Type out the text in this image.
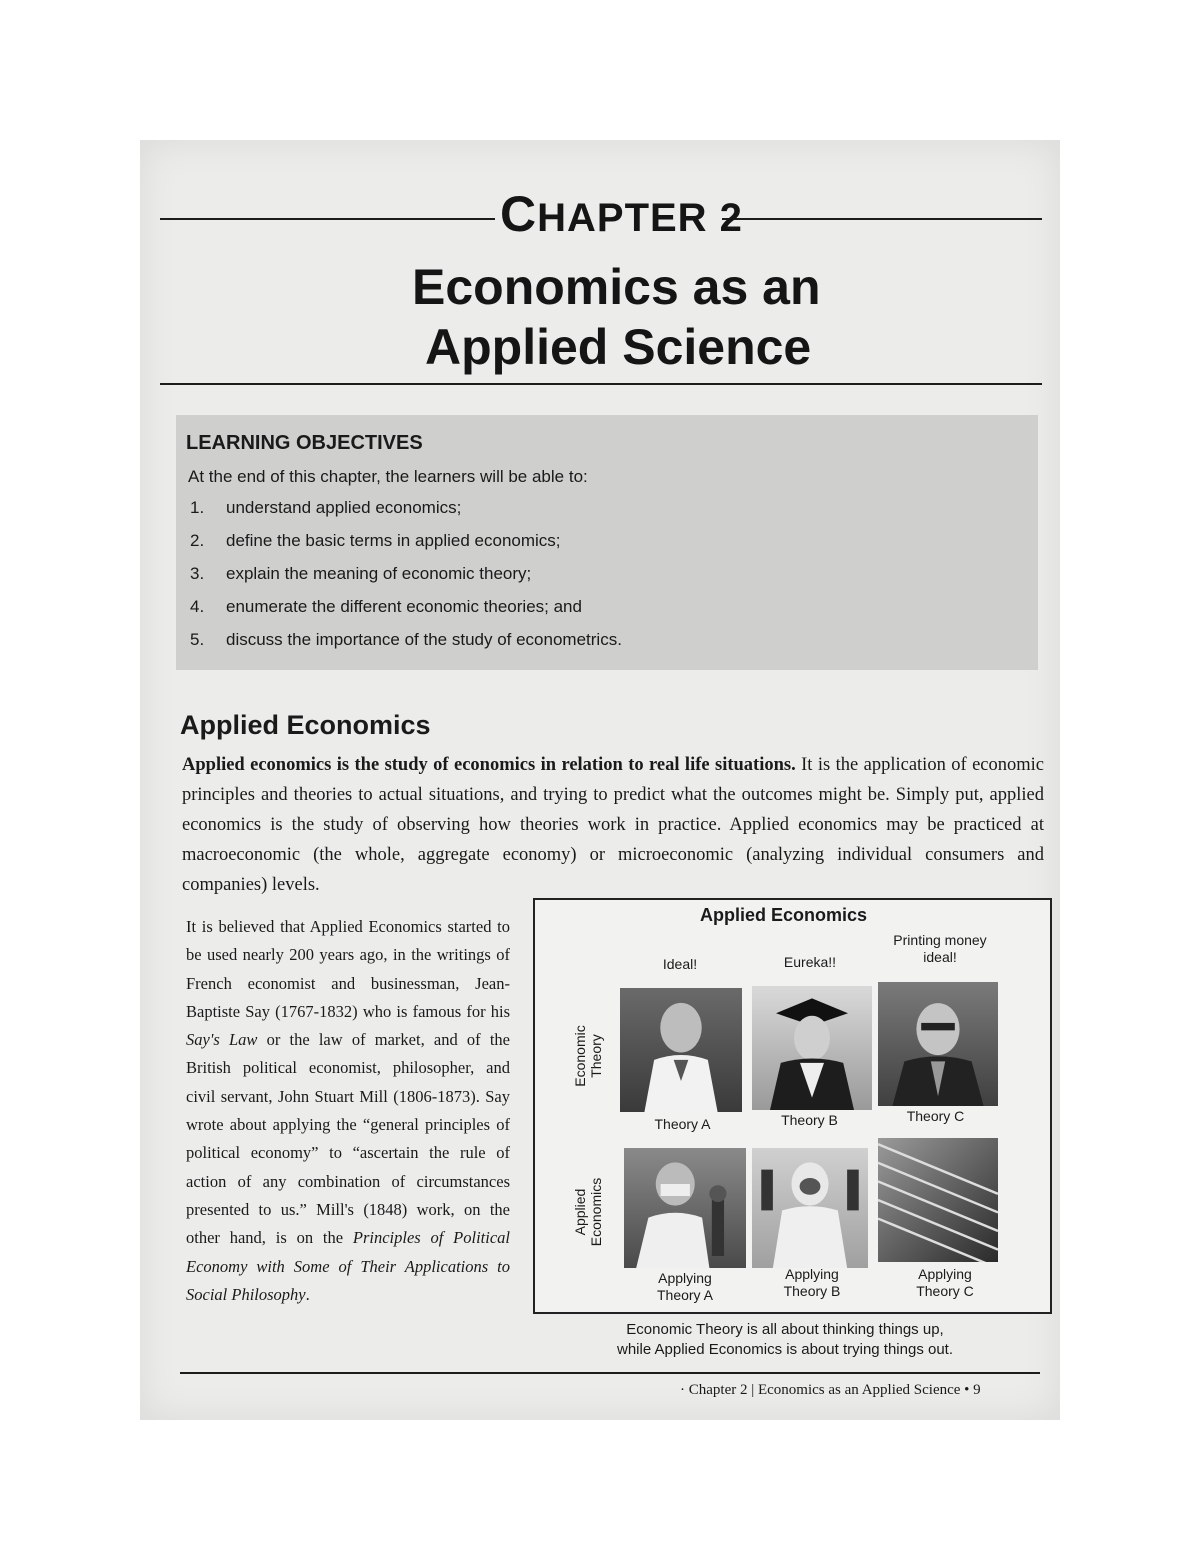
CHAPTER 2
Economics as an
Applied Science
LEARNING OBJECTIVES
At the end of this chapter, the learners will be able to:
1. understand applied economics;
2. define the basic terms in applied economics;
3. explain the meaning of economic theory;
4. enumerate the different economic theories; and
5. discuss the importance of the study of econometrics.
Applied Economics
Applied economics is the study of economics in relation to real life situations. It is the application of economic principles and theories to actual situations, and trying to predict what the outcomes might be. Simply put, applied economics is the study of observing how theories work in practice. Applied economics may be practiced at macroeconomic (the whole, aggregate economy) or microeconomic (analyzing individual consumers and companies) levels.
It is believed that Applied Economics started to be used nearly 200 years ago, in the writings of French economist and businessman, Jean-Baptiste Say (1767-1832) who is famous for his Say's Law or the law of market, and of the British political economist, philosopher, and civil servant, John Stuart Mill (1806-1873). Say wrote about applying the “general principles of political economy” to “ascertain the rule of action of any combination of circumstances presented to us.” Mill's (1848) work, on the other hand, is on the Principles of Political Economy with Some of Their Applications to Social Philosophy.
Applied Economics
Economic Theory
Applied Economics
Ideal!	Eureka!!
Printing money ideal!
Theory A	Theory B	Theory C
Applying
Theory A
Applying
Theory B
Applying
Theory C
Economic Theory is all about thinking things up,
while Applied Economics is about trying things out.
· Chapter 2 | Economics as an Applied Science • 9
